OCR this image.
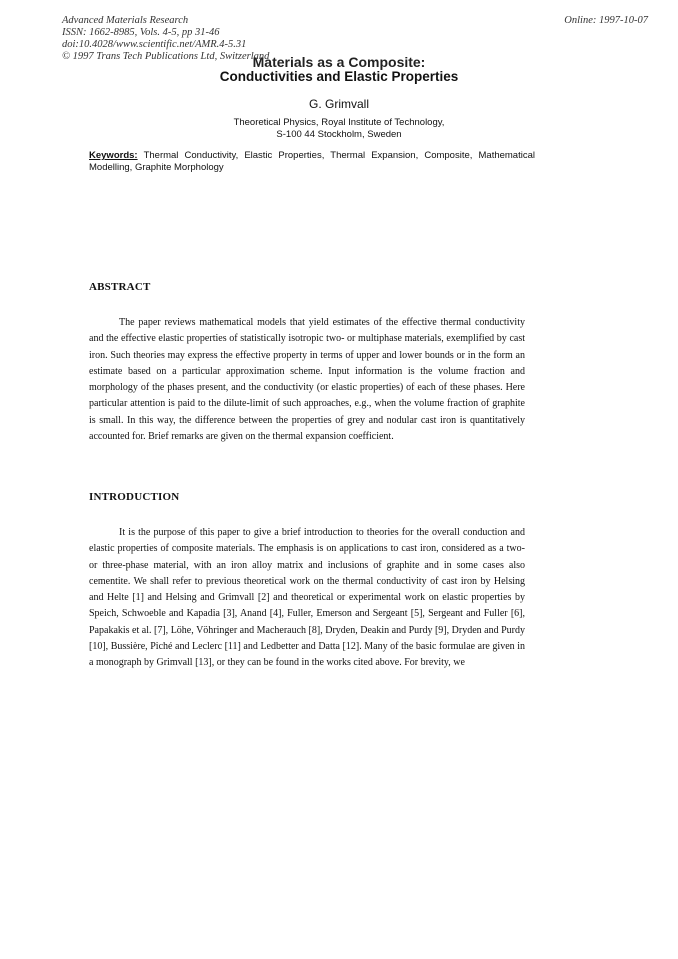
Advanced Materials Research
ISSN: 1662-8985, Vols. 4-5, pp 31-46
doi:10.4028/www.scientific.net/AMR.4-5.31
© 1997 Trans Tech Publications Ltd, Switzerland
Online: 1997-10-07
Materials as a Composite:
Conductivities and Elastic Properties
G. Grimvall
Theoretical Physics, Royal Institute of Technology,
S-100 44 Stockholm, Sweden
Keywords: Thermal Conductivity, Elastic Properties, Thermal Expansion, Composite, Mathematical Modelling, Graphite Morphology
ABSTRACT
The paper reviews mathematical models that yield estimates of the effective thermal conductivity and the effective elastic properties of statistically isotropic two- or multiphase materials, exemplified by cast iron. Such theories may express the effective property in terms of upper and lower bounds or in the form an estimate based on a particular approximation scheme. Input information is the volume fraction and morphology of the phases present, and the conductivity (or elastic properties) of each of these phases. Here particular attention is paid to the dilute-limit of such approaches, e.g., when the volume fraction of graphite is small. In this way, the difference between the properties of grey and nodular cast iron is quantitatively accounted for. Brief remarks are given on the thermal expansion coefficient.
INTRODUCTION
It is the purpose of this paper to give a brief introduction to theories for the overall conduction and elastic properties of composite materials. The emphasis is on applications to cast iron, considered as a two- or three-phase material, with an iron alloy matrix and inclusions of graphite and in some cases also cementite. We shall refer to previous theoretical work on the thermal conductivity of cast iron by Helsing and Helte [1] and Helsing and Grimvall [2] and theoretical or experimental work on elastic properties by Speich, Schwoeble and Kapadia [3], Anand [4], Fuller, Emerson and Sergeant [5], Sergeant and Fuller [6], Papakakis et al. [7], Löhe, Vöhringer and Macherauch [8], Dryden, Deakin and Purdy [9], Dryden and Purdy [10], Bussière, Piché and Leclerc [11] and Ledbetter and Datta [12]. Many of the basic formulae are given in a monograph by Grimvall [13], or they can be found in the works cited above. For brevity, we
